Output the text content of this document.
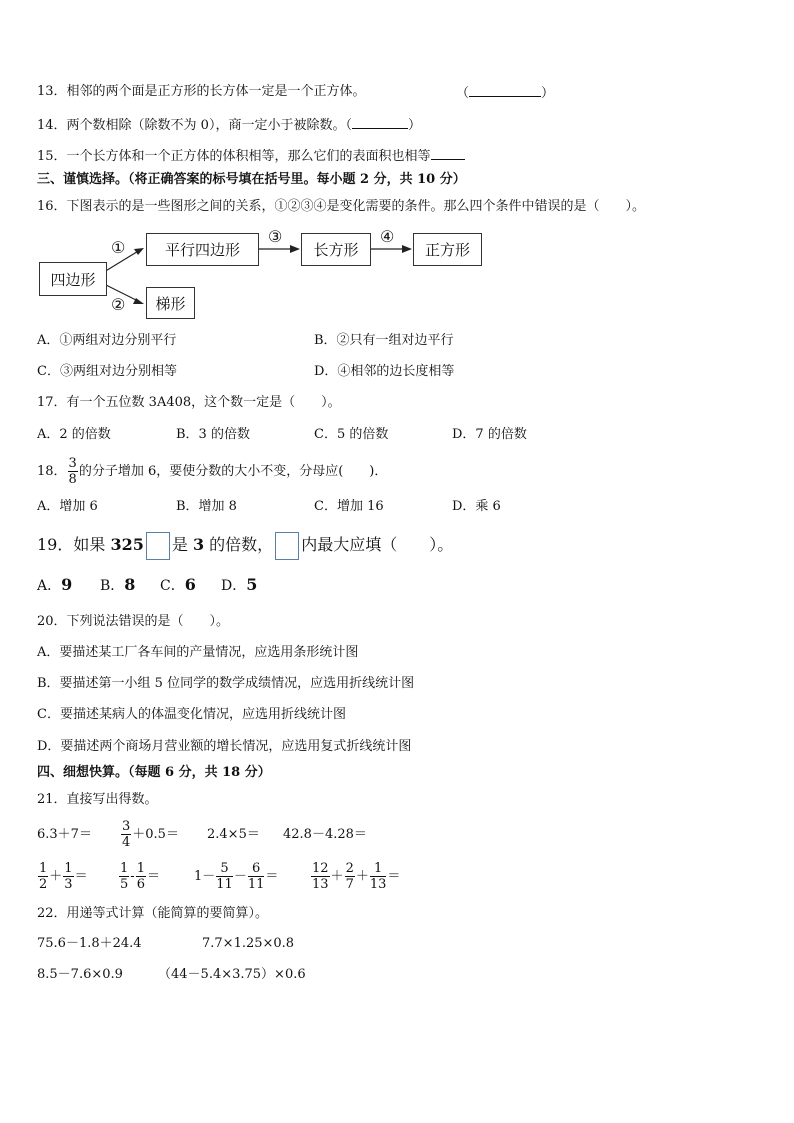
13．相邻的两个面是正方形的长方体一定是一个正方体。	（	）
14．两个数相除（除数不为 0），商一定小于被除数。（	）
15．一个长方体和一个正方体的体积相等，那么它们的表面积也相等
三、谨慎选择。（将正确答案的标号填在括号里。每小题 2 分，共 10 分）
16．下图表示的是一些图形之间的关系，①②③④是变化需要的条件。那么四个条件中错误的是（　　）。
四边形
平行四边形	长方形	正方形
梯形
①
②
③	④
A．①两组对边分别平行	B．②只有一组对边平行
C．③两组对边分别相等	D．④相邻的边长度相等
17．有一个五位数 3A408，这个数一定是（　　）。
A．2 的倍数	B．3 的倍数	C．5 的倍数	D．7 的倍数
18． $\frac{3}{8}$ 的分子增加 6，要使分数的大小不变，分母应(　　)．
A．增加 6	B．增加 8	C．增加 16	D．乘 6
19．如果 325 是 3 的倍数， 内最大应填（　　）。
A．9 B．8 C．6 D．5
20．下列说法错误的是（　　）。
A．要描述某工厂各车间的产量情况，应选用条形统计图
B．要描述第一小组 5 位同学的数学成绩情况，应选用折线统计图
C．要描述某病人的体温变化情况，应选用折线统计图
D．要描述两个商场月营业额的增长情况，应选用复式折线统计图
四、细想快算。（每题 6 分，共 18 分）
21．直接写出得数。
$6.3+7= \frac{3}{4} +0.5= 2.4\times 5= 42.8-4.28=$
$\frac{1}{2} + \frac{1}{3} = \frac{1}{5} - \frac{1}{6}$ ＝	$1- \frac{5}{11} - \frac{6}{11}$ ＝	$\frac{12}{13} + \frac{2}{7} + \frac{1}{13}$ ＝
22．用递等式计算（能简算的要简算）。
75.6－1.8＋24.4	7.7×1.25×0.8
8.5－7.6×0.9	（44－5.4×3.75）×0.6
